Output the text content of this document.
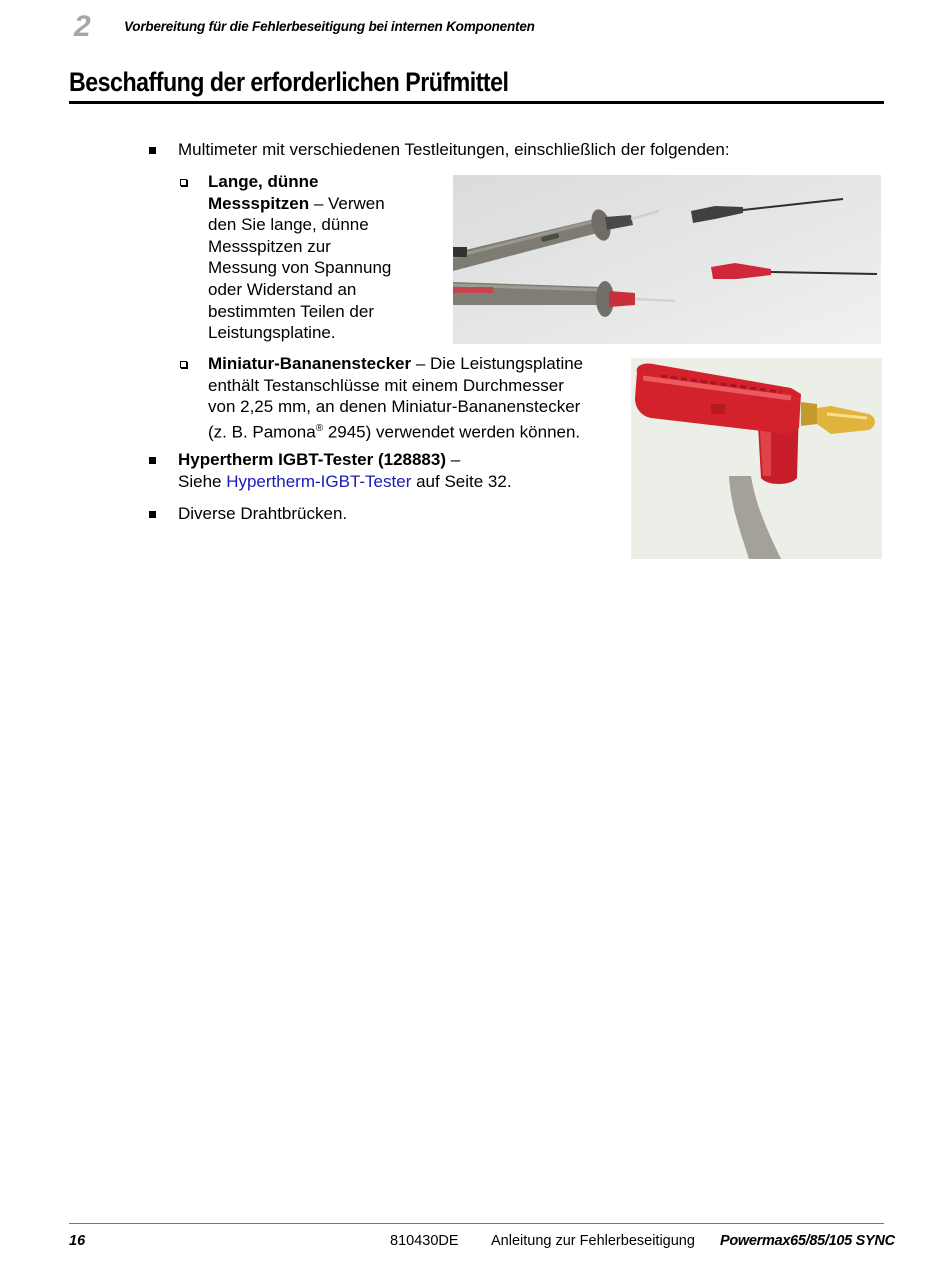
2 Vorbereitung für die Fehlerbeseitigung bei internen Komponenten
Beschaffung der erforderlichen Prüfmittel
Multimeter mit verschiedenen Testleitungen, einschließlich der folgenden:
Lange, dünne
Messspitzen – Verwen
den Sie lange, dünne
Messspitzen zur
Messung von Spannung
oder Widerstand an
bestimmten Teilen der
Leistungsplatine.
Miniatur-Bananenstecker – Die Leistungsplatine
enthält Testanschlüsse mit einem Durchmesser
von 2,25 mm, an denen Miniatur-Bananenstecker
(z. B. Pamona® 2945) verwendet werden können.
Hypertherm IGBT-Tester (128883) –
Siehe Hypertherm-IGBT-Tester auf Seite 32.
Diverse Drahtbrücken.
16	810430DE Anleitung zur Fehlerbeseitigung Powermax65/85/105 SYNC
